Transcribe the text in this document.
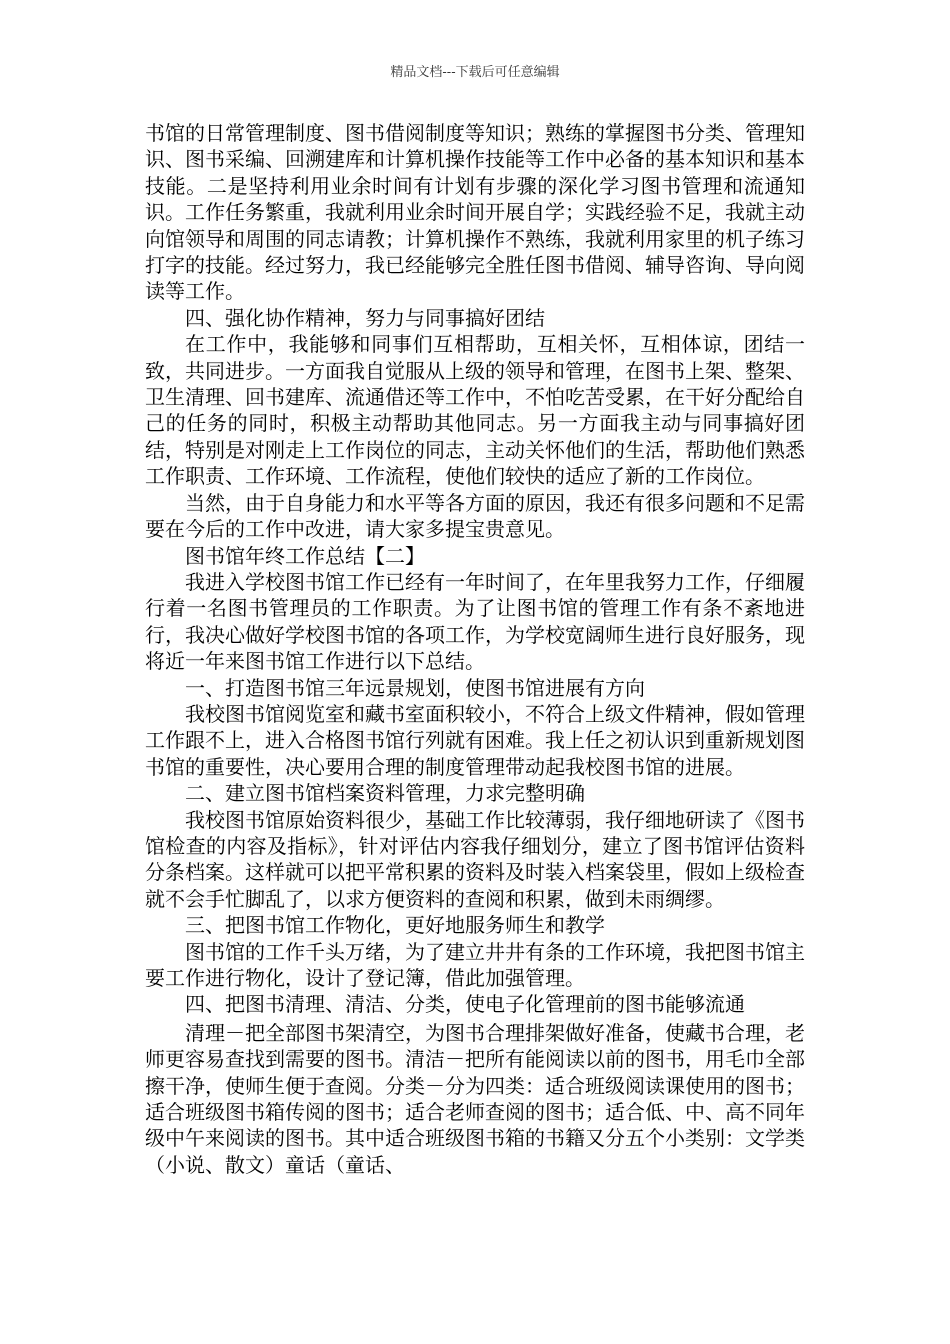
精品文档---下载后可任意编辑

书馆的日常管理制度、图书借阅制度等知识；熟练的掌握图书分类、管理知识、图书采编、回溯建库和计算机操作技能等工作中必备的基本知识和基本技能。二是坚持利用业余时间有计划有步骤的深化学习图书管理和流通知识。工作任务繁重，我就利用业余时间开展自学；实践经验不足，我就主动向馆领导和周围的同志请教；计算机操作不熟练，我就利用家里的机子练习打字的技能。经过努力，我已经能够完全胜任图书借阅、辅导咨询、导向阅读等工作。

四、强化协作精神，努力与同事搞好团结

在工作中，我能够和同事们互相帮助，互相关怀，互相体谅，团结一致，共同进步。一方面我自觉服从上级的领导和管理，在图书上架、整架、卫生清理、回书建库、流通借还等工作中，不怕吃苦受累，在干好分配给自己的任务的同时，积极主动帮助其他同志。另一方面我主动与同事搞好团结，特别是对刚走上工作岗位的同志，主动关怀他们的生活，帮助他们熟悉工作职责、工作环境、工作流程，使他们较快的适应了新的工作岗位。

当然，由于自身能力和水平等各方面的原因，我还有很多问题和不足需要在今后的工作中改进，请大家多提宝贵意见。

图书馆年终工作总结【二】

我进入学校图书馆工作已经有一年时间了，在年里我努力工作，仔细履行着一名图书管理员的工作职责。为了让图书馆的管理工作有条不紊地进行，我决心做好学校图书馆的各项工作，为学校宽阔师生进行良好服务，现将近一年来图书馆工作进行以下总结。

一、打造图书馆三年远景规划，使图书馆进展有方向

我校图书馆阅览室和藏书室面积较小，不符合上级文件精神，假如管理工作跟不上，进入合格图书馆行列就有困难。我上任之初认识到重新规划图书馆的重要性，决心要用合理的制度管理带动起我校图书馆的进展。

二、建立图书馆档案资料管理，力求完整明确

我校图书馆原始资料很少，基础工作比较薄弱，我仔细地研读了《图书馆检查的内容及指标》，针对评估内容我仔细划分，建立了图书馆评估资料分条档案。这样就可以把平常积累的资料及时装入档案袋里，假如上级检查就不会手忙脚乱了，以求方便资料的查阅和积累，做到未雨绸缪。

三、把图书馆工作物化，更好地服务师生和教学

图书馆的工作千头万绪，为了建立井井有条的工作环境，我把图书馆主要工作进行物化，设计了登记簿，借此加强管理。

四、把图书清理、清洁、分类，使电子化管理前的图书能够流通

清理－把全部图书架清空，为图书合理排架做好准备，使藏书合理，老师更容易查找到需要的图书。清洁－把所有能阅读以前的图书，用毛巾全部擦干净，使师生便于查阅。分类－分为四类：适合班级阅读课使用的图书；适合班级图书箱传阅的图书；适合老师查阅的图书；适合低、中、高不同年级中午来阅读的图书。其中适合班级图书箱的书籍又分五个小类别：文学类（小说、散文）童话（童话、
